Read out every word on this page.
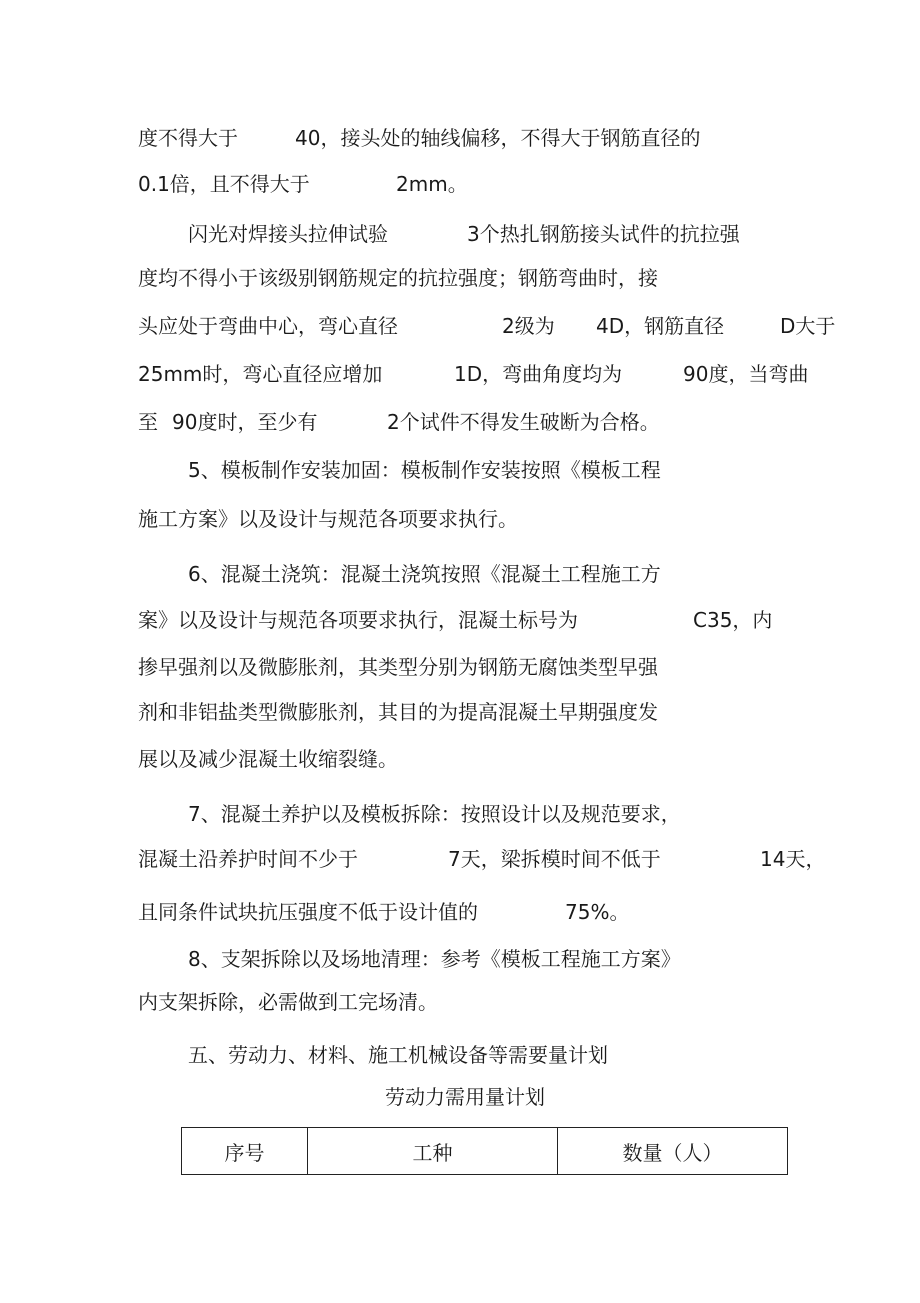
度不得大于	40，接头处的轴线偏移，不得大于钢筋直径的
0.1倍，且不得大于	2mm。
闪光对焊接头拉伸试验	3个热扎钢筋接头试件的抗拉强
度均不得小于该级别钢筋规定的抗拉强度；钢筋弯曲时，接
头应处于弯曲中心，弯心直径	2级为 4D，钢筋直径	D大于
25mm时，弯心直径应增加	1D，弯曲角度均为	90度，当弯曲
至 90度时，至少有	2个试件不得发生破断为合格。
5、模板制作安装加固：模板制作安装按照《模板工程
施工方案》以及设计与规范各项要求执行。
6、混凝土浇筑：混凝土浇筑按照《混凝土工程施工方
案》以及设计与规范各项要求执行，混凝土标号为	C35，内
掺早强剂以及微膨胀剂，其类型分别为钢筋无腐蚀类型早强
剂和非铝盐类型微膨胀剂，其目的为提高混凝土早期强度发
展以及减少混凝土收缩裂缝。
7、混凝土养护以及模板拆除：按照设计以及规范要求，
混凝土沿养护时间不少于	7天，梁拆模时间不低于	14天，
且同条件试块抗压强度不低于设计值的	75%。
8、支架拆除以及场地清理：参考《模板工程施工方案》
内支架拆除，必需做到工完场清。
五、劳动力、材料、施工机械设备等需要量计划
劳动力需用量计划
序号	工种	数量（人）
